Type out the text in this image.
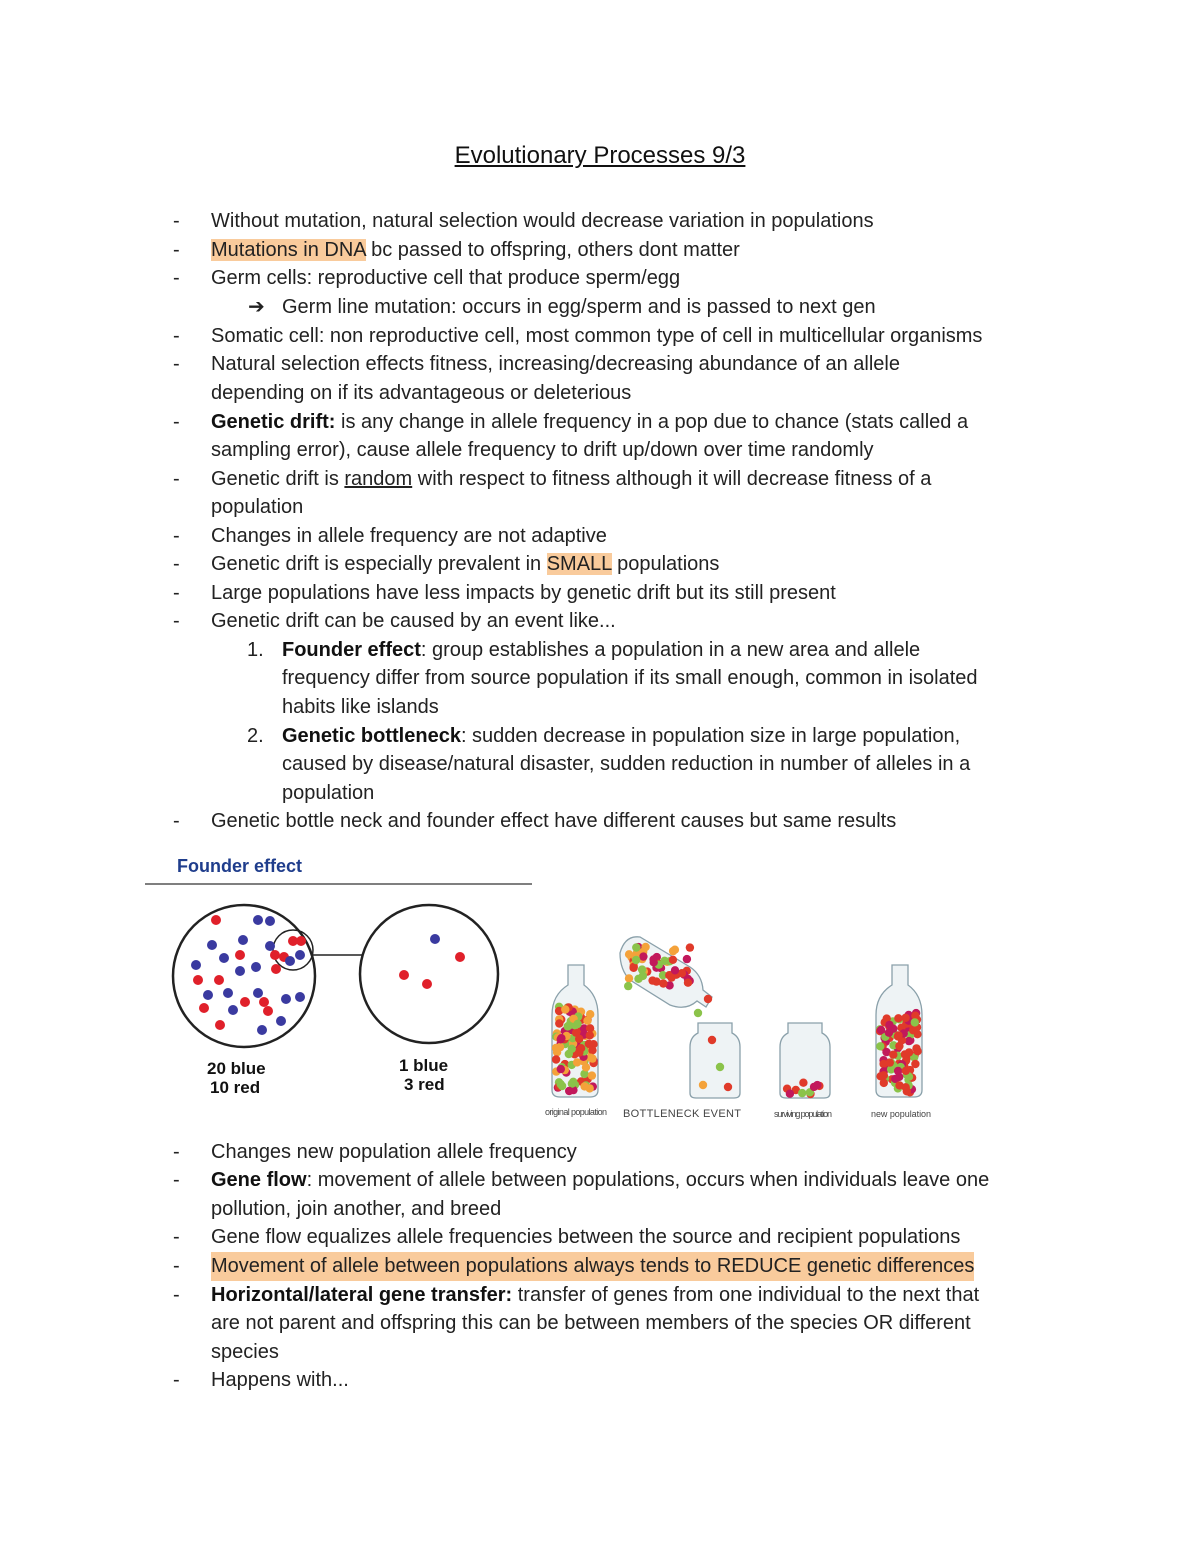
Evolutionary Processes 9/3
- Without mutation, natural selection would decrease variation in populations
- Mutations in DNA bc passed to offspring, others dont matter
- Germ cells: reproductive cell that produce sperm/egg
➔ Germ line mutation: occurs in egg/sperm and is passed to next gen
- Somatic cell: non reproductive cell, most common type of cell in multicellular organisms
- Natural selection effects fitness, increasing/decreasing abundance of an allele
depending on if its advantageous or deleterious
- Genetic drift: is any change in allele frequency in a pop due to chance (stats called a
sampling error), cause allele frequency to drift up/down over time randomly
- Genetic drift is random with respect to fitness although it will decrease fitness of a
population
- Changes in allele frequency are not adaptive
- Genetic drift is especially prevalent in SMALL populations
- Large populations have less impacts by genetic drift but its still present
- Genetic drift can be caused by an event like...
1. Founder effect: group establishes a population in a new area and allele
frequency differ from source population if its small enough, common in isolated
habits like islands
2. Genetic bottleneck: sudden decrease in population size in large population,
caused by disease/natural disaster, sudden reduction in number of alleles in a
population
- Genetic bottle neck and founder effect have different causes but same results
Founder effect
20 blue
10 red
1 blue
3 red
original population BOTTLENECK EVENT	surviving population	new population
- Changes new population allele frequency
- Gene flow: movement of allele between populations, occurs when individuals leave one
pollution, join another, and breed
- Gene flow equalizes allele frequencies between the source and recipient populations
- Movement of allele between populations always tends to REDUCE genetic differences
- Horizontal/lateral gene transfer: transfer of genes from one individual to the next that
are not parent and offspring this can be between members of the species OR different
species
- Happens with...
